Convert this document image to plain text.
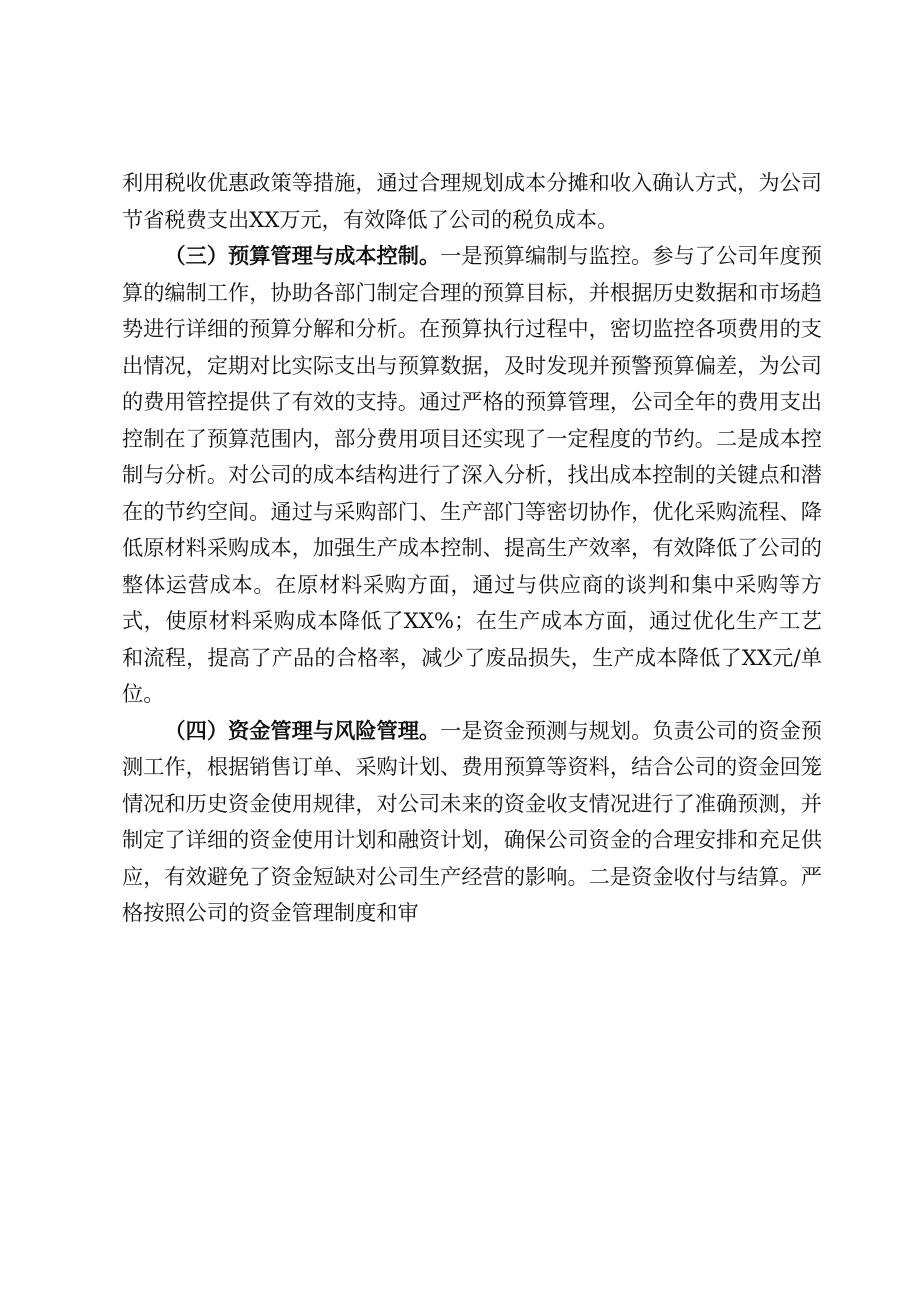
利用税收优惠政策等措施，通过合理规划成本分摊和收入确认方式，为公司节省税费支出XX万元，有效降低了公司的税负成本。

（三）预算管理与成本控制。一是预算编制与监控。参与了公司年度预算的编制工作，协助各部门制定合理的预算目标，并根据历史数据和市场趋势进行详细的预算分解和分析。在预算执行过程中，密切监控各项费用的支出情况，定期对比实际支出与预算数据，及时发现并预警预算偏差，为公司的费用管控提供了有效的支持。通过严格的预算管理，公司全年的费用支出控制在了预算范围内，部分费用项目还实现了一定程度的节约。二是成本控制与分析。对公司的成本结构进行了深入分析，找出成本控制的关键点和潜在的节约空间。通过与采购部门、生产部门等密切协作，优化采购流程、降低原材料采购成本，加强生产成本控制、提高生产效率，有效降低了公司的整体运营成本。在原材料采购方面，通过与供应商的谈判和集中采购等方式，使原材料采购成本降低了XX%；在生产成本方面，通过优化生产工艺和流程，提高了产品的合格率，减少了废品损失，生产成本降低了XX元/单位。

（四）资金管理与风险管理。一是资金预测与规划。负责公司的资金预测工作，根据销售订单、采购计划、费用预算等资料，结合公司的资金回笼情况和历史资金使用规律，对公司未来的资金收支情况进行了准确预测，并制定了详细的资金使用计划和融资计划，确保公司资金的合理安排和充足供应，有效避免了资金短缺对公司生产经营的影响。二是资金收付与结算。严格按照公司的资金管理制度和审
